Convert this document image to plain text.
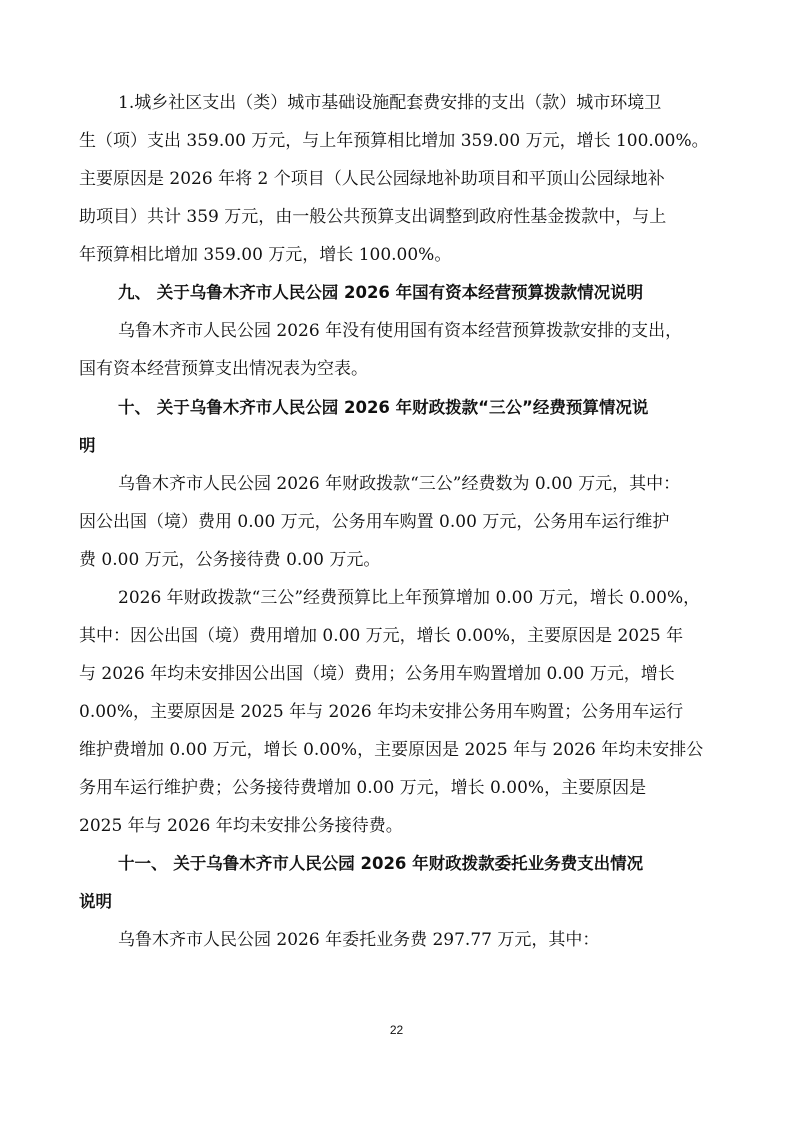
1.城乡社区支出（类）城市基础设施配套费安排的支出（款）城市环境卫
生（项）支出 359.00 万元，与上年预算相比增加 359.00 万元，增长 100.00%。
主要原因是 2026 年将 2 个项目（人民公园绿地补助项目和平顶山公园绿地补
助项目）共计 359 万元，由一般公共预算支出调整到政府性基金拨款中，与上
年预算相比增加 359.00 万元，增长 100.00%。
九、 关于乌鲁木齐市人民公园 2026 年国有资本经营预算拨款情况说明
乌鲁木齐市人民公园 2026 年没有使用国有资本经营预算拨款安排的支出，
国有资本经营预算支出情况表为空表。
十、 关于乌鲁木齐市人民公园 2026 年财政拨款“三公”经费预算情况说
明
乌鲁木齐市人民公园 2026 年财政拨款“三公”经费数为 0.00 万元，其中：
因公出国（境）费用 0.00 万元，公务用车购置 0.00 万元，公务用车运行维护
费 0.00 万元，公务接待费 0.00 万元。
2026 年财政拨款“三公”经费预算比上年预算增加 0.00 万元，增长 0.00%，
其中：因公出国（境）费用增加 0.00 万元，增长 0.00%，主要原因是 2025 年
与 2026 年均未安排因公出国（境）费用；公务用车购置增加 0.00 万元，增长
0.00%，主要原因是 2025 年与 2026 年均未安排公务用车购置；公务用车运行
维护费增加 0.00 万元，增长 0.00%，主要原因是 2025 年与 2026 年均未安排公
务用车运行维护费；公务接待费增加 0.00 万元，增长 0.00%，主要原因是
2025 年与 2026 年均未安排公务接待费。
十一、 关于乌鲁木齐市人民公园 2026 年财政拨款委托业务费支出情况
说明
乌鲁木齐市人民公园 2026 年委托业务费 297.77 万元，其中：
22
